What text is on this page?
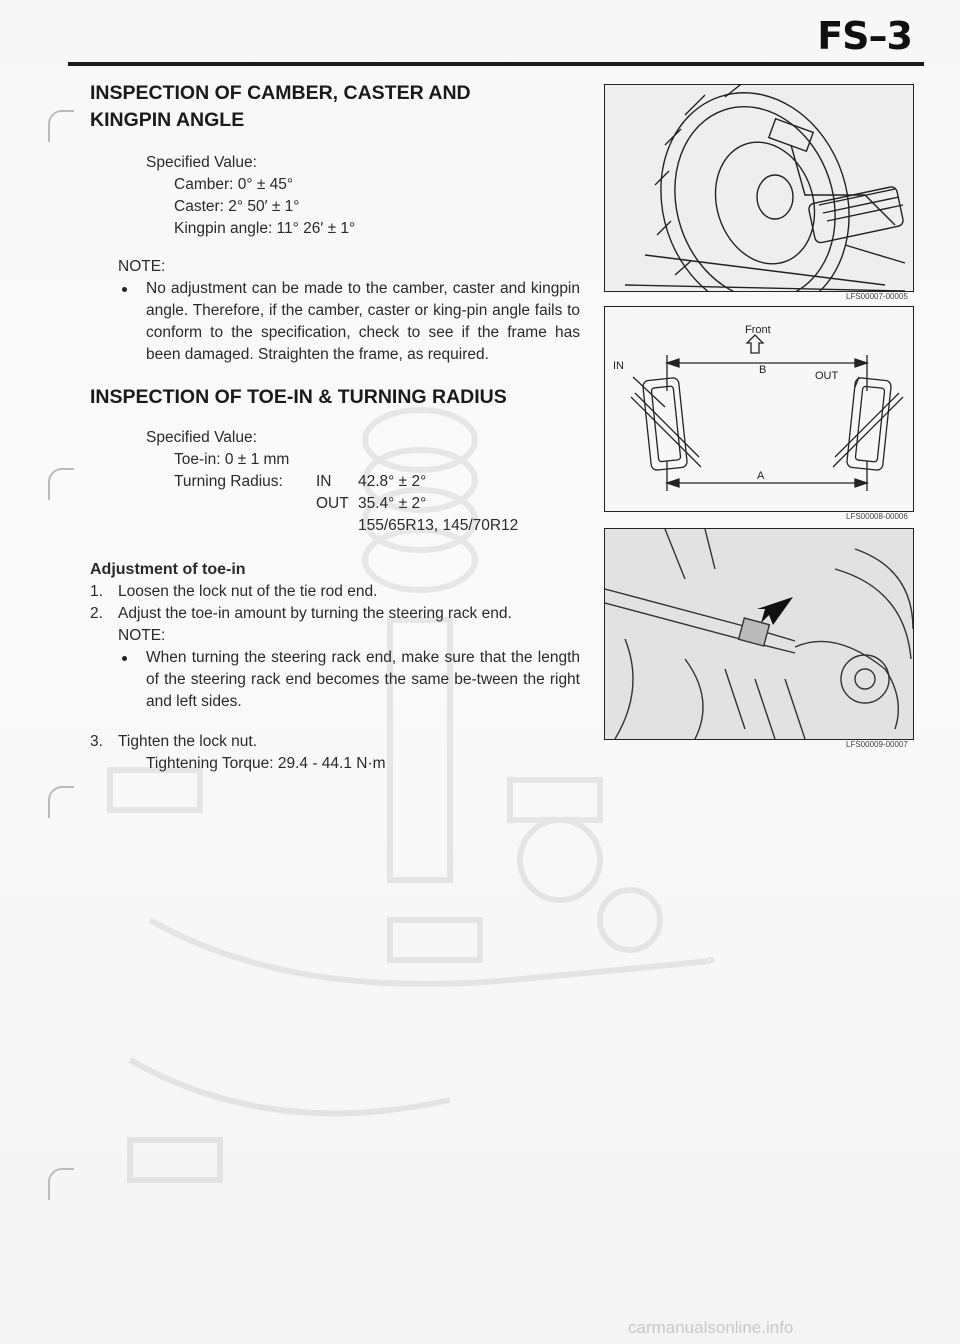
FS–3
INSPECTION OF CAMBER, CASTER AND
KINGPIN ANGLE
Specified Value:
Camber: 0° ± 45°
Caster: 2° 50′ ± 1°
Kingpin angle: 11° 26′ ± 1°
NOTE:
No adjustment can be made to the camber, caster and kingpin angle. Therefore, if the camber, caster or king-pin angle fails to conform to the specification, check to see if the frame has been damaged. Straighten the frame, as required.
INSPECTION OF TOE-IN & TURNING RADIUS
Specified Value:
Toe-in: 0 ± 1 mm
Turning Radius:	IN	42.8° ± 2°
OUT 35.4° ± 2°
155/65R13, 145/70R12
Adjustment of toe-in
1. Loosen the lock nut of the tie rod end.
2. Adjust the toe-in amount by turning the steering rack end.
NOTE:
When turning the steering rack end, make sure that the length of the steering rack end becomes the same be-tween the right and left sides.
3. Tighten the lock nut.
Tightening Torque: 29.4 - 44.1 N·m
LFS00007-00005
Front
IN
OUT
B
A
LFS00008-00006
LFS00009-00007
carmanualsonline.info
